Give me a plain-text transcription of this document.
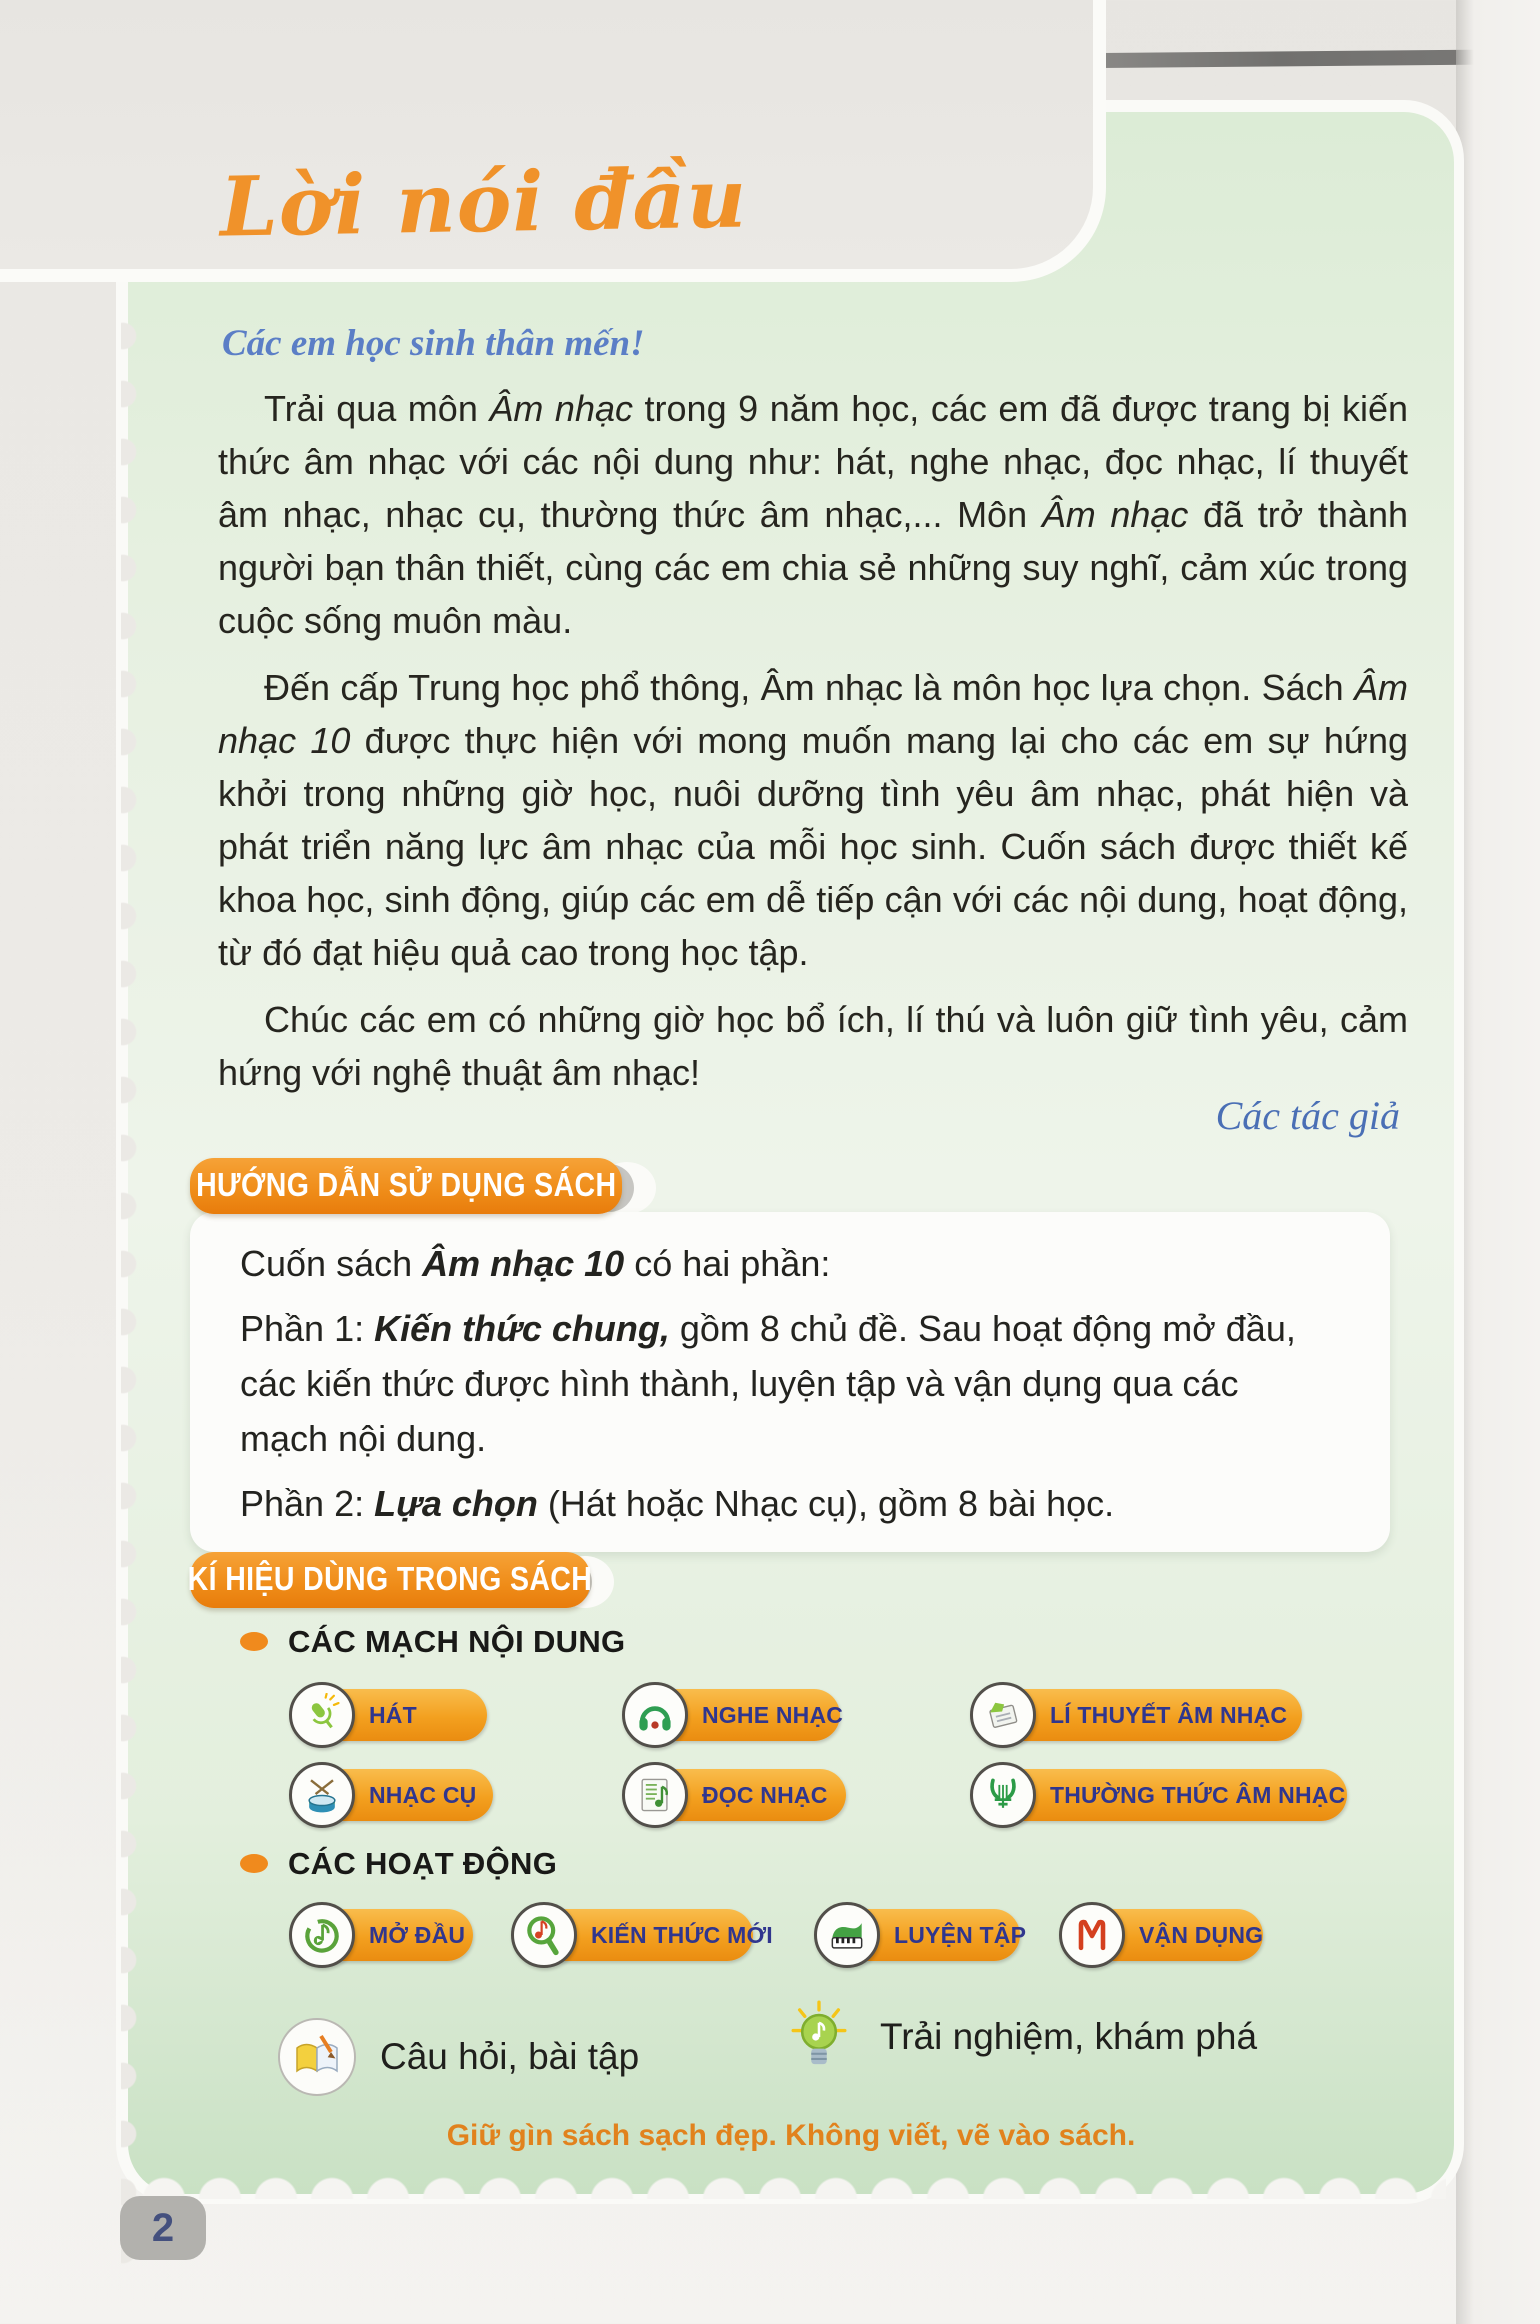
Lời nói đầu
Các em học sinh thân mến!

Trải qua môn Âm nhạc trong 9 năm học, các em đã được trang bị kiến thức âm nhạc với các nội dung như: hát, nghe nhạc, đọc nhạc, lí thuyết âm nhạc, nhạc cụ, thường thức âm nhạc,... Môn Âm nhạc đã trở thành người bạn thân thiết, cùng các em chia sẻ những suy nghĩ, cảm xúc trong cuộc sống muôn màu.

Đến cấp Trung học phổ thông, Âm nhạc là môn học lựa chọn. Sách Âm nhạc 10 được thực hiện với mong muốn mang lại cho các em sự hứng khởi trong những giờ học, nuôi dưỡng tình yêu âm nhạc, phát hiện và phát triển năng lực âm nhạc của mỗi học sinh. Cuốn sách được thiết kế khoa học, sinh động, giúp các em dễ tiếp cận với các nội dung, hoạt động, từ đó đạt hiệu quả cao trong học tập.

Chúc các em có những giờ học bổ ích, lí thú và luôn giữ tình yêu, cảm hứng với nghệ thuật âm nhạc!

Các tác giả
HƯỚNG DẪN SỬ DỤNG SÁCH

Cuốn sách Âm nhạc 10 có hai phần:

Phần 1: Kiến thức chung, gồm 8 chủ đề. Sau hoạt động mở đầu, các kiến thức được hình thành, luyện tập và vận dụng qua các mạch nội dung.

Phần 2: Lựa chọn (Hát hoặc Nhạc cụ), gồm 8 bài học.

KÍ HIỆU DÙNG TRONG SÁCH
CÁC MẠCH NỘI DUNG
HÁT	NGHE NHẠC	LÍ THUYẾT ÂM NHẠC
NHẠC CỤ	ĐỌC NHẠC	THƯỜNG THỨC ÂM NHẠC
CÁC HOẠT ĐỘNG
MỞ ĐẦU	KIẾN THỨC MỚI	LUYỆN TẬP	VẬN DỤNG
Câu hỏi, bài tập	Trải nghiệm, khám phá
Giữ gìn sách sạch đẹp. Không viết, vẽ vào sách.
2
